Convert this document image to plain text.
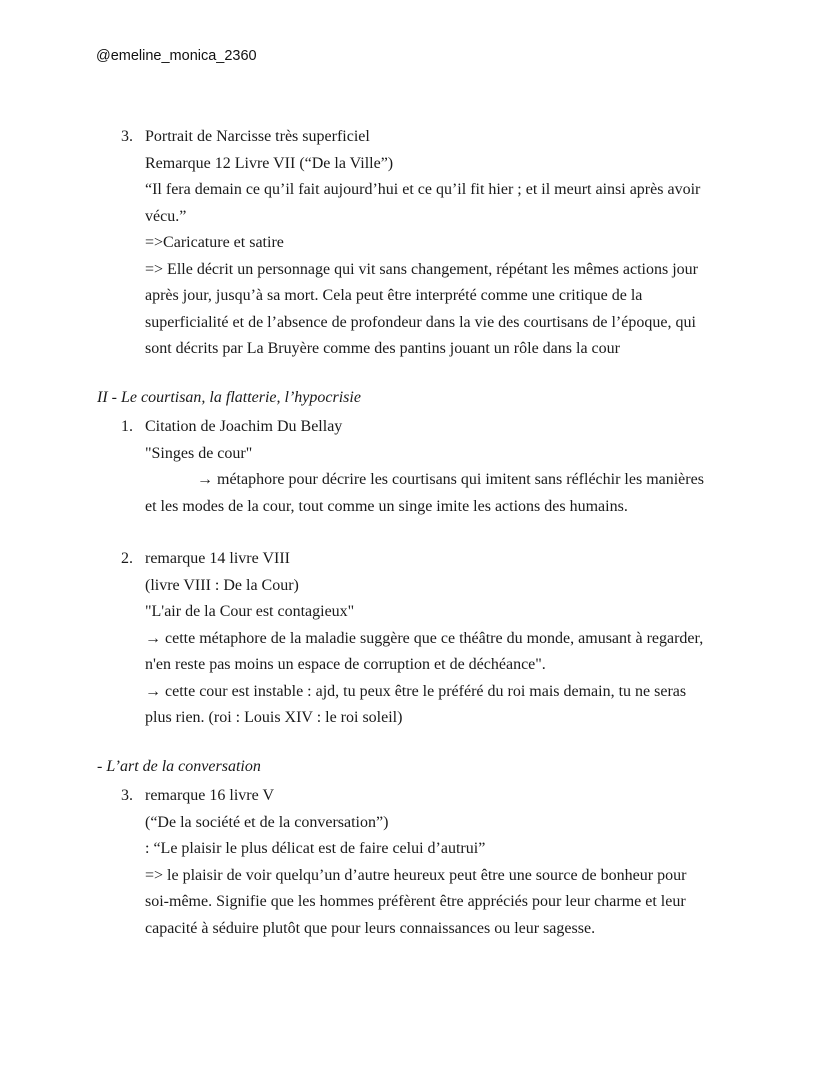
@emeline_monica_2360
3. Portrait de Narcisse très superficiel
Remarque 12 Livre VII (“De la Ville”)
“Il fera demain ce qu’il fait aujourd’hui et ce qu’il fit hier ; et il meurt ainsi après avoir
vécu.”
=>Caricature et satire
=> Elle décrit un personnage qui vit sans changement, répétant les mêmes actions jour
après jour, jusqu’à sa mort. Cela peut être interprété comme une critique de la
superficialité et de l’absence de profondeur dans la vie des courtisans de l’époque, qui
sont décrits par La Bruyère comme des pantins jouant un rôle dans la cour
II - Le courtisan, la flatterie, l’hypocrisie
1. Citation de Joachim Du Bellay
"Singes de cour"
→ métaphore pour décrire les courtisans qui imitent sans réfléchir les manières
et les modes de la cour, tout comme un singe imite les actions des humains.
2. remarque 14 livre VIII
(livre VIII : De la Cour)
"L'air de la Cour est contagieux"
→ cette métaphore de la maladie suggère que ce théâtre du monde, amusant à regarder,
n'en reste pas moins un espace de corruption et de déchéance".
→ cette cour est instable : ajd, tu peux être le préféré du roi mais demain, tu ne seras
plus rien. (roi : Louis XIV : le roi soleil)
- L’art de la conversation
3. remarque 16 livre V
(“De la société et de la conversation”)
: “Le plaisir le plus délicat est de faire celui d’autrui”
=> le plaisir de voir quelqu’un d’autre heureux peut être une source de bonheur pour
soi-même. Signifie que les hommes préfèrent être appréciés pour leur charme et leur
capacité à séduire plutôt que pour leurs connaissances ou leur sagesse.
